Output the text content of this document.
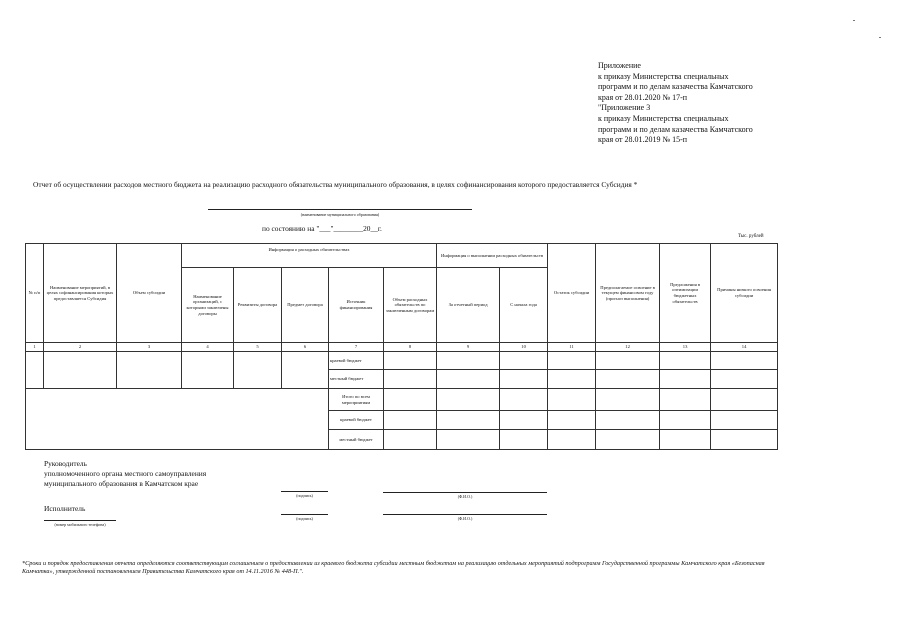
Приложение
к приказу Министерства специальных
программ и по делам казачества Камчатского
края от 28.01.2020 № 17-п
"Приложение 3
к приказу Министерства специальных
программ и по делам казачества Камчатского
края от 28.01.2019 № 15-п
Отчет об осуществлении расходов местного бюджета на реализацию расходного обязательства муниципального образования, в целях софинансирования которого предоставляется Субсидия *
(наименование муниципального образования)
по состоянию на "___"________20__г.
Тыс. рублей
№ п/п	Наименование мероприятий, в целях софинансирования которых предоставляется Субсидия	Объем субсидии	Информация о расходных обязательствах					Информация о выполнении расходных обязательств		Остаток субсидии	Предполагаемое освоение в текущем финансовом году (прогноз выполнения)	Предложения в оптимизации бюджетных обязательств	Причины низкого освоения субсидии
			Наименование организаций, с которыми заключены договоры	Реквизиты договора	Предмет договора	Источник финансирования	Объем расходных обязательств по заключенным договорам	За отчетный период	С начала года				
1	2	3	4	5	6	7	8	9	10	11	12	13	14
						краевой бюджет							
						местный бюджет							
						Итого по всем мероприятиям							
						краевой бюджет							
						местный бюджет							
Руководитель
уполномоченного органа местного самоуправления
муниципального образования в Камчатском крае
(подпись)	(Ф.И.О.)
Исполнитель
(номер мобильного телефона)
(подпись)	(Ф.И.О.)
*Сроки и порядок предоставления отчета определяются соответствующим соглашением о предоставлении из краевого бюджета субсидии местным бюджетам на реализацию отдельных мероприятий подпрограмм Государственной программы Камчатского края «Безопасная Камчатка», утвержденной постановлением Правительства Камчатского края от 14.11.2016 № 448-П.".
